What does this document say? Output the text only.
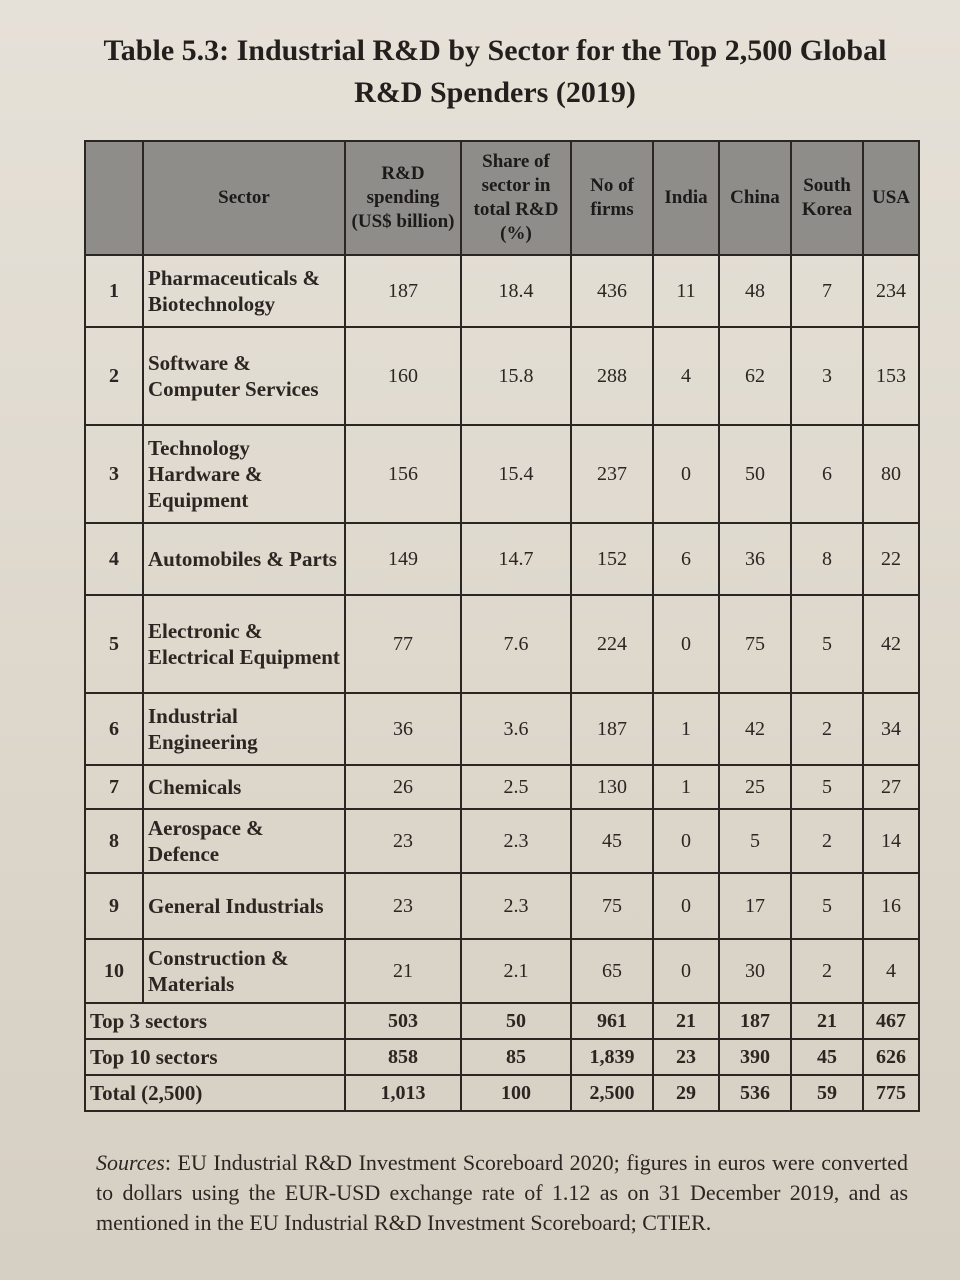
Table 5.3: Industrial R&D by Sector for the Top 2,500 Global
R&D Spenders (2019)
	Sector	R&D spending (US$ billion)	Share of sector in total R&D (%)	No of firms	India	China	South Korea	USA
1	Pharmaceuticals & Biotechnology	187	18.4	436	11	48	7	234
2	Software & Computer Services	160	15.8	288	4	62	3	153
3	Technology Hardware & Equipment	156	15.4	237	0	50	6	80
4	Automobiles & Parts	149	14.7	152	6	36	8	22
5	Electronic & Electrical Equipment	77	7.6	224	0	75	5	42
6	Industrial Engineering	36	3.6	187	1	42	2	34
7	Chemicals	26	2.5	130	1	25	5	27
8	Aerospace & Defence	23	2.3	45	0	5	2	14
9	General Industrials	23	2.3	75	0	17	5	16
10	Construction & Materials	21	2.1	65	0	30	2	4
Top 3 sectors		503	50	961	21	187	21	467
Top 10 sectors		858	85	1,839	23	390	45	626
Total (2,500)		1,013	100	2,500	29	536	59	775
Sources: EU Industrial R&D Investment Scoreboard 2020; figures in euros were converted to dollars using the EUR-USD exchange rate of 1.12 as on 31 December 2019, and as mentioned in the EU Industrial R&D Investment Scoreboard; CTIER.
